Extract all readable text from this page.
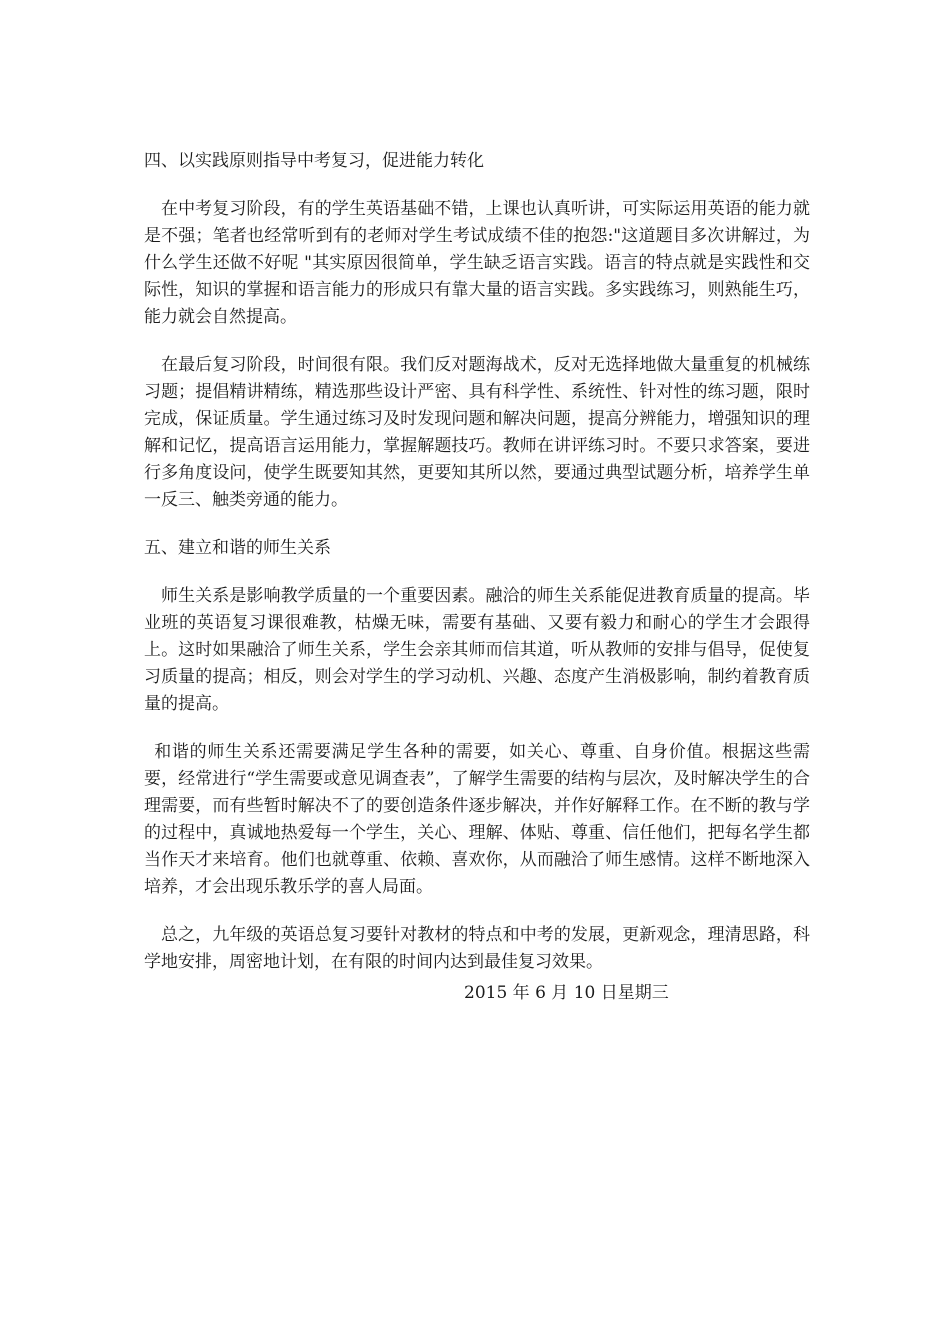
四、以实践原则指导中考复习，促进能力转化

在中考复习阶段，有的学生英语基础不错，上课也认真听讲，可实际运用英语的能力就是不强；笔者也经常听到有的老师对学生考试成绩不佳的抱怨:"这道题目多次讲解过，为什么学生还做不好呢 "其实原因很简单，学生缺乏语言实践。语言的特点就是实践性和交际性，知识的掌握和语言能力的形成只有靠大量的语言实践。多实践练习，则熟能生巧，能力就会自然提高。

在最后复习阶段，时间很有限。我们反对题海战术，反对无选择地做大量重复的机械练习题；提倡精讲精练，精选那些设计严密、具有科学性、系统性、针对性的练习题，限时完成，保证质量。学生通过练习及时发现问题和解决问题，提高分辨能力，增强知识的理解和记忆，提高语言运用能力，掌握解题技巧。教师在讲评练习时。不要只求答案，要进行多角度设问，使学生既要知其然，更要知其所以然，要通过典型试题分析，培养学生单一反三、触类旁通的能力。

五、建立和谐的师生关系

师生关系是影响教学质量的一个重要因素。融洽的师生关系能促进教育质量的提高。毕业班的英语复习课很难教，枯燥无味，需要有基础、又要有毅力和耐心的学生才会跟得上。这时如果融洽了师生关系，学生会亲其师而信其道，听从教师的安排与倡导，促使复习质量的提高；相反，则会对学生的学习动机、兴趣、态度产生消极影响，制约着教育质量的提高。

和谐的师生关系还需要满足学生各种的需要，如关心、尊重、自身价值。根据这些需要，经常进行“学生需要或意见调查表”，了解学生需要的结构与层次，及时解决学生的合理需要，而有些暂时解决不了的要创造条件逐步解决，并作好解释工作。在不断的教与学的过程中，真诚地热爱每一个学生，关心、理解、体贴、尊重、信任他们，把每名学生都当作天才来培育。他们也就尊重、依赖、喜欢你，从而融洽了师生感情。这样不断地深入培养，才会出现乐教乐学的喜人局面。

总之，九年级的英语总复习要针对教材的特点和中考的发展，更新观念，理清思路，科学地安排，周密地计划，在有限的时间内达到最佳复习效果。

2015 年 6 月 10 日星期三
